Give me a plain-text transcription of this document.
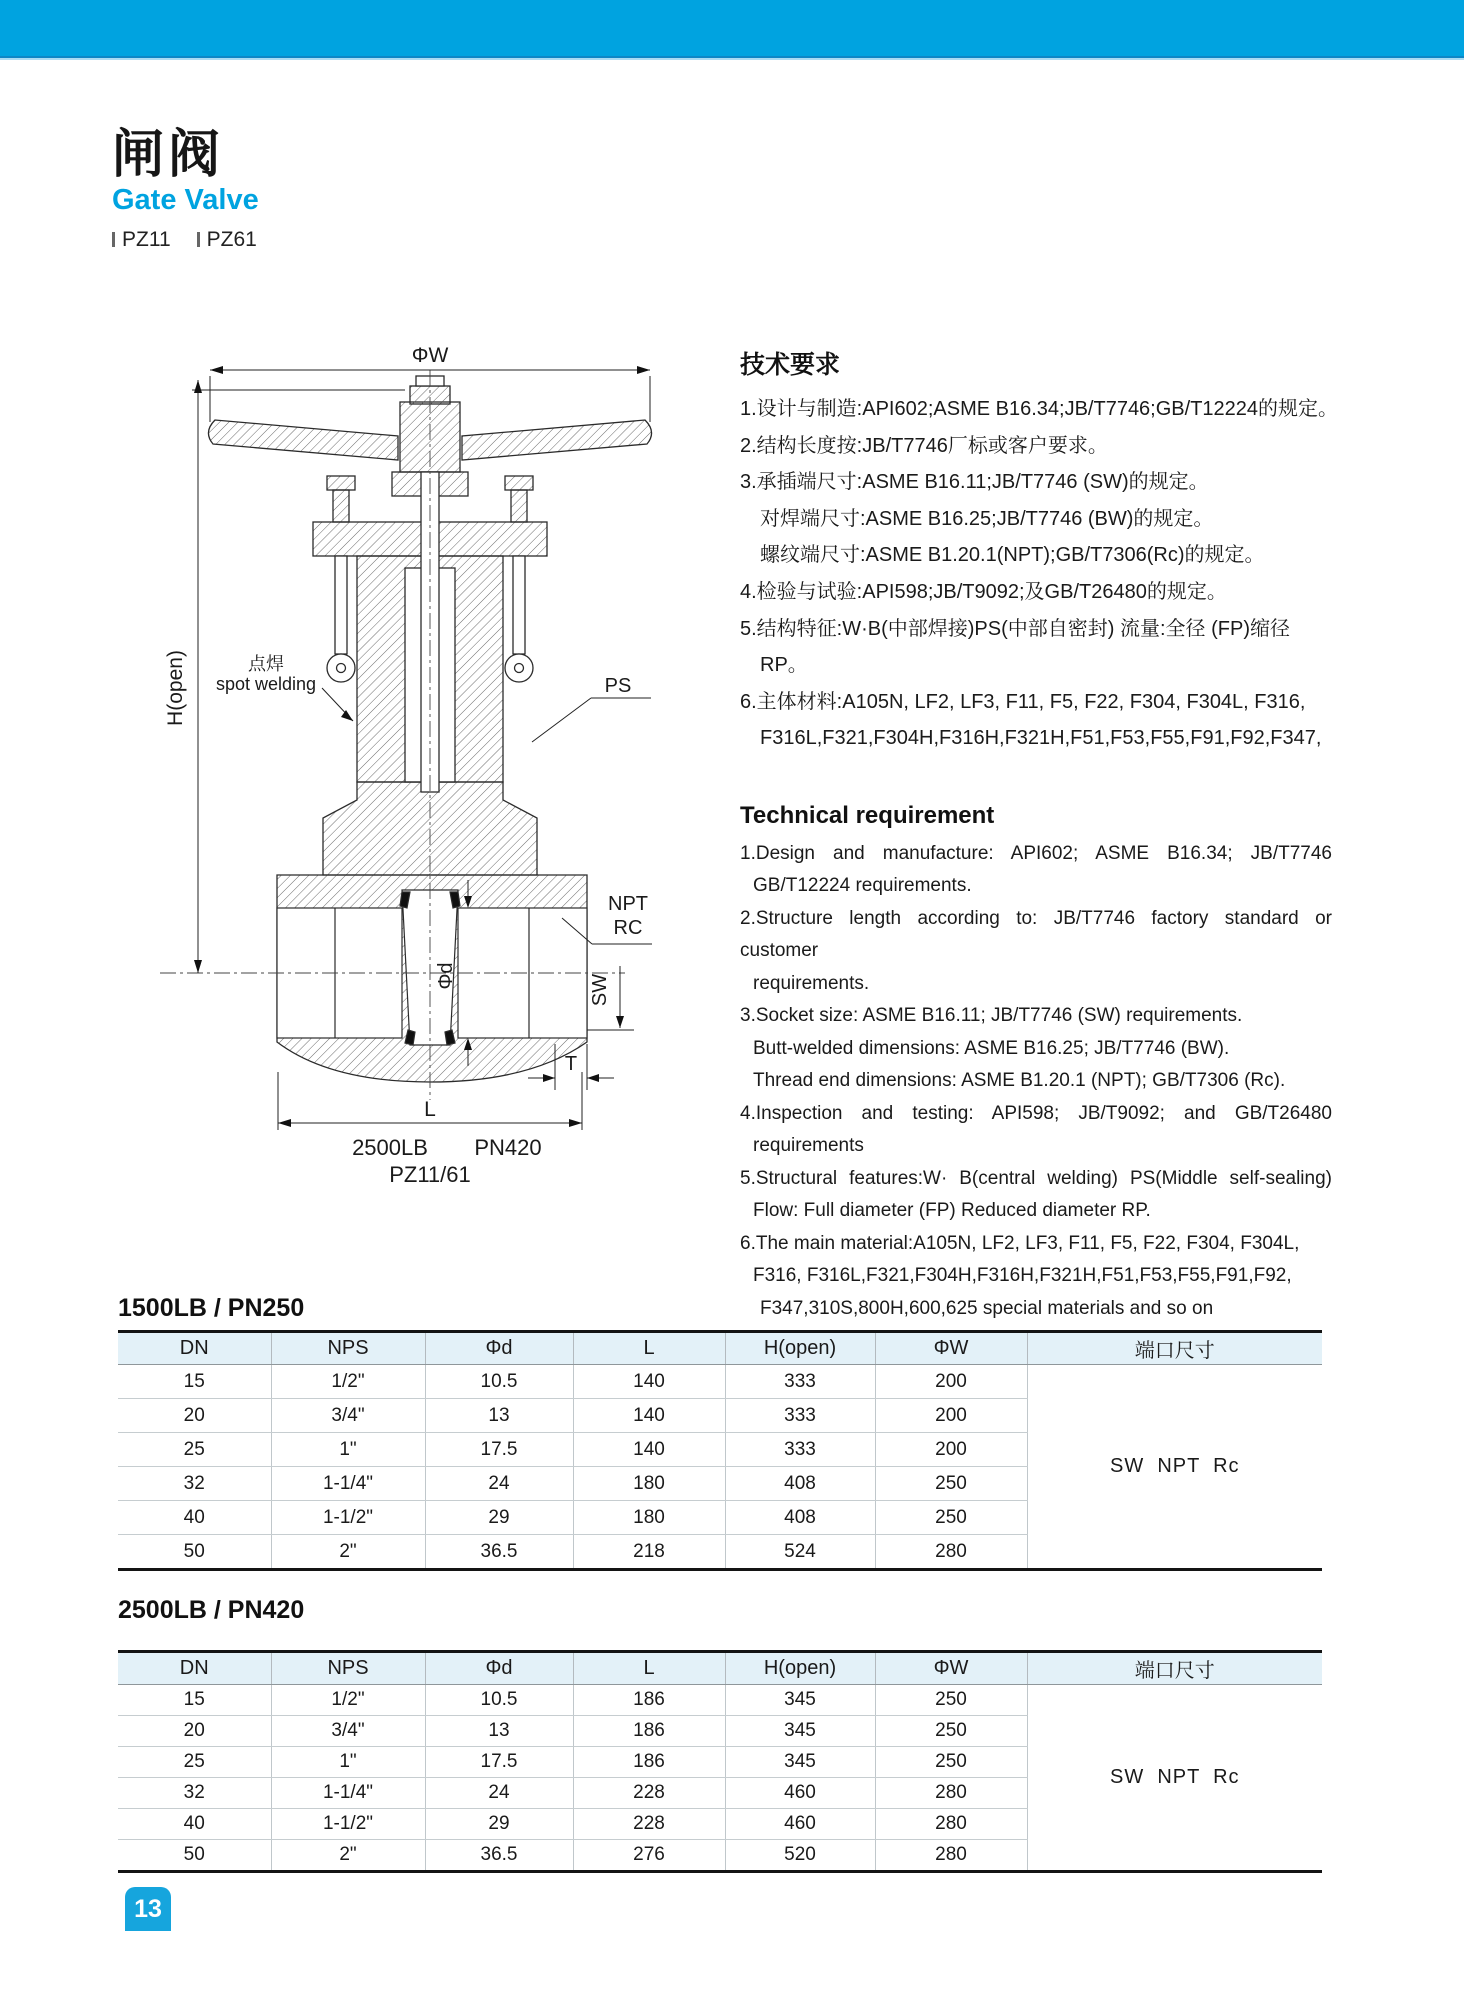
闸阀
Gate Valve
PZ11 PZ61
ΦW
H(open)	点焊
spot welding	PS
NPT
RC
SW
Φd
T
L
2500LB PN420
PZ11/61
技术要求
1.设计与制造:API602;ASME B16.34;JB/T7746;GB/T12224的规定。
2.结构长度按:JB/T7746厂标或客户要求。
3.承插端尺寸:ASME B16.11;JB/T7746 (SW)的规定。
对焊端尺寸:ASME B16.25;JB/T7746 (BW)的规定。
螺纹端尺寸:ASME B1.20.1(NPT);GB/T7306(Rc)的规定。
4.检验与试验:API598;JB/T9092;及GB/T26480的规定。
5.结构特征:W·B(中部焊接)PS(中部自密封) 流量:全径 (FP)缩径
RP。
6.主体材料:A105N, LF2, LF3, F11, F5, F22, F304, F304L, F316,
F316L,F321,F304H,F316H,F321H,F51,F53,F55,F91,F92,F347,
Technical requirement
1.Design and manufacture: API602; ASME B16.34; JB/T7746
GB/T12224 requirements.
2.Structure length according to: JB/T7746 factory standard or customer
requirements.
3.Socket size: ASME B16.11; JB/T7746 (SW) requirements.
Butt-welded dimensions: ASME B16.25; JB/T7746 (BW).
Thread end dimensions: ASME B1.20.1 (NPT); GB/T7306 (Rc).
4.Inspection and testing: API598; JB/T9092; and GB/T26480
requirements
5.Structural features:W· B(central welding) PS(Middle self-sealing)
Flow: Full diameter (FP) Reduced diameter RP.
6.The main material:A105N, LF2, LF3, F11, F5, F22, F304, F304L,
F316, F316L,F321,F304H,F316H,F321H,F51,F53,F55,F91,F92,
F347,310S,800H,600,625 special materials and so on
1500LB / PN250
DN	NPS	Φd	L	H(open)	ΦW	端口尺寸
15	1/2"	10.5	140	333	200	SW  NPT  Rc
20	3/4"	13	140	333	200	
25	1"	17.5	140	333	200	
32	1-1/4"	24	180	408	250	
40	1-1/2"	29	180	408	250	
50	2"	36.5	218	524	280	
2500LB / PN420
DN	NPS	Φd	L	H(open)	ΦW	端口尺寸
15	1/2"	10.5	186	345	250	SW  NPT  Rc
20	3/4"	13	186	345	250	
25	1"	17.5	186	345	250	
32	1-1/4"	24	228	460	280	
40	1-1/2"	29	228	460	280	
50	2"	36.5	276	520	280	
13
